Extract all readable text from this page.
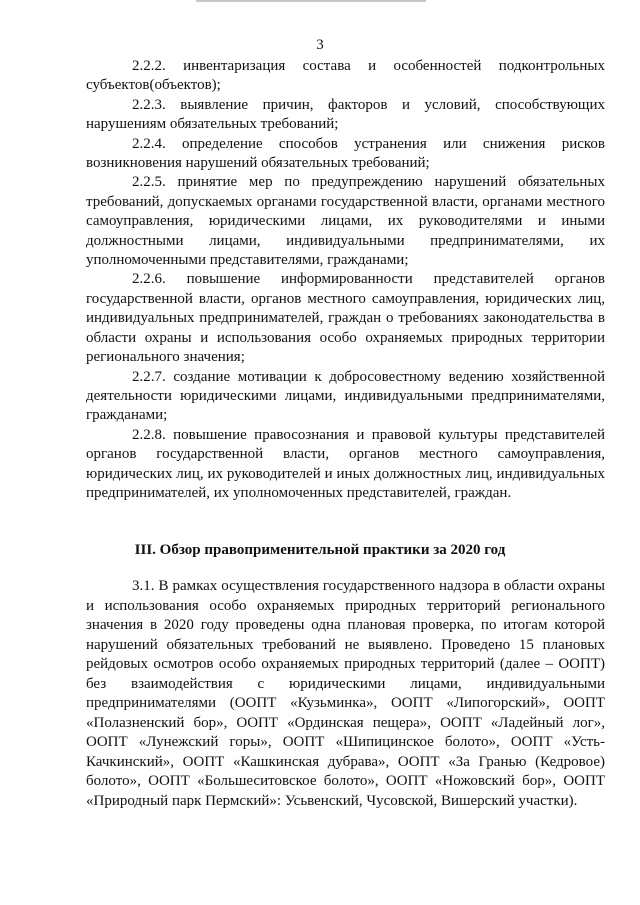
3

2.2.2. инвентаризация состава и особенностей подконтрольных субъектов(объектов);

2.2.3. выявление причин, факторов и условий, способствующих нарушениям обязательных требований;

2.2.4. определение способов устранения или снижения рисков возникновения нарушений обязательных требований;

2.2.5. принятие мер по предупреждению нарушений обязательных требований, допускаемых органами государственной власти, органами местного самоуправления, юридическими лицами, их руководителями и иными должностными лицами, индивидуальными предпринимателями, их уполномоченными представителями, гражданами;

2.2.6. повышение информированности представителей органов государственной власти, органов местного самоуправления, юридических лиц, индивидуальных предпринимателей, граждан о требованиях законодательства в области охраны и использования особо охраняемых природных территории регионального значения;

2.2.7. создание мотивации к добросовестному ведению хозяйственной деятельности юридическими лицами, индивидуальными предпринимателями, гражданами;

2.2.8. повышение правосознания и правовой культуры представителей органов государственной власти, органов местного самоуправления, юридических лиц, их руководителей и иных должностных лиц, индивидуальных предпринимателей, их уполномоченных представителей, граждан.

III. Обзор правоприменительной практики за 2020 год

3.1. В рамках осуществления государственного надзора в области охраны и использования особо охраняемых природных территорий регионального значения в 2020 году проведены одна плановая проверка, по итогам которой нарушений обязательных требований не выявлено. Проведено 15 плановых рейдовых осмотров особо охраняемых природных территорий (далее – ООПТ) без взаимодействия с юридическими лицами, индивидуальными предпринимателями (ООПТ «Кузьминка», ООПТ «Липогорский», ООПТ «Полазненский бор», ООПТ «Ординская пещера», ООПТ «Ладейный лог», ООПТ «Лунежский горы», ООПТ «Шипицинское болото», ООПТ «Усть-Качкинский», ООПТ «Кашкинская дубрава», ООПТ «За Гранью (Кедровое) болото», ООПТ «Большеситовское болото», ООПТ «Ножовский бор», ООПТ «Природный парк Пермский»: Усьвенский, Чусовской, Вишерский участки).
